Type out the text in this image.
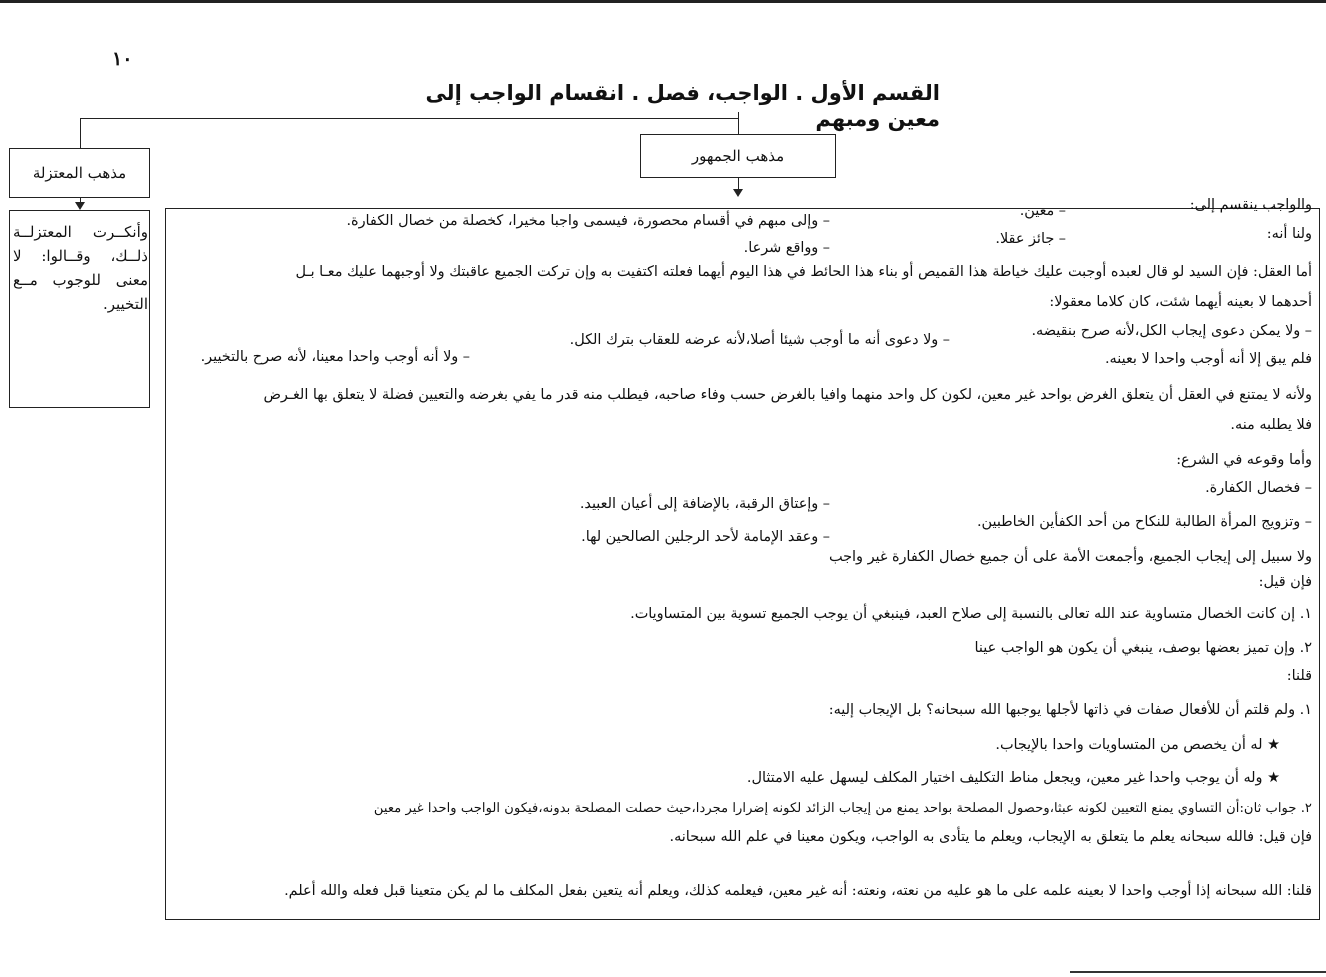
١٠
القسم الأول . الواجب، فصل . انقسام الواجب إلى معين ومبهم
مذهب الجمهور
مذهب المعتزلة
وأنكــرت المعتزلــة ذلــك، وقــالوا: لا معنى للوجوب مــع التخيير.
والواجب ينقسم إلى:
– معين.
– وإلى مبهم في أقسام محصورة، فيسمى واجبا مخيرا، كخصلة من خصال الكفارة.
ولنا أنه:
– جائز عقلا.
– وواقع شرعا.
أما العقل: فإن السيد لو قال لعبده أوجبت عليك خياطة هذا القميص أو بناء هذا الحائط في هذا اليوم أيهما فعلته اكتفيت به وإن تركت الجميع عاقبتك ولا أوجبهما عليك معـا بـل
أحدهما لا بعينه أيهما شئت، كان كلاما معقولا:
– ولا يمكن دعوى إيجاب الكل،لأنه صرح بنقيضه.
– ولا دعوى أنه ما أوجب شيئا أصلا،لأنه عرضه للعقاب بترك الكل.
فلم يبق إلا أنه أوجب واحدا لا بعينه.
– ولا أنه أوجب واحدا معينا، لأنه صرح بالتخيير.
ولأنه لا يمتنع في العقل أن يتعلق الغرض بواحد غير معين، لكون كل واحد منهما وافيا بالغرض حسب وفاء صاحبه، فيطلب منه قدر ما يفي بغرضه والتعيين فضلة لا يتعلق بها الغـرض
فلا يطلبه منه.
وأما وقوعه في الشرع:
– فخصال الكفارة.
– وتزويج المرأة الطالبة للنكاح من أحد الكفأين الخاطبين.
– وإعتاق الرقبة، بالإضافة إلى أعيان العبيد.
– وعقد الإمامة لأحد الرجلين الصالحين لها.
ولا سبيل إلى إيجاب الجميع، وأجمعت الأمة على أن جميع خصال الكفارة غير واجب
فإن قيل:
١. إن كانت الخصال متساوية عند الله تعالى بالنسبة إلى صلاح العبد، فينبغي أن يوجب الجميع تسوية بين المتساويات.
٢. وإن تميز بعضها بوصف، ينبغي أن يكون هو الواجب عينا
قلنا:
١. ولم قلتم أن للأفعال صفات في ذاتها لأجلها يوجبها الله سبحانه؟ بل الإيجاب إليه:
★ له أن يخصص من المتساويات واحدا بالإيجاب.
★ وله أن يوجب واحدا غير معين، ويجعل مناط التكليف اختيار المكلف ليسهل عليه الامتثال.
٢. جواب ثان:أن التساوي يمنع التعيين لكونه عبثا،وحصول المصلحة بواحد يمنع من إيجاب الزائد لكونه إضرارا مجردا،حيث حصلت المصلحة بدونه،فيكون الواجب واحدا غير معين
فإن قيل: فالله سبحانه يعلم ما يتعلق به الإيجاب، ويعلم ما يتأدى به الواجب، ويكون معينا في علم الله سبحانه.
قلنا: الله سبحانه إذا أوجب واحدا لا بعينه علمه على ما هو عليه من نعته، ونعته: أنه غير معين، فيعلمه كذلك، ويعلم أنه يتعين بفعل المكلف ما لم يكن متعينا قبل فعله والله أعلم.
